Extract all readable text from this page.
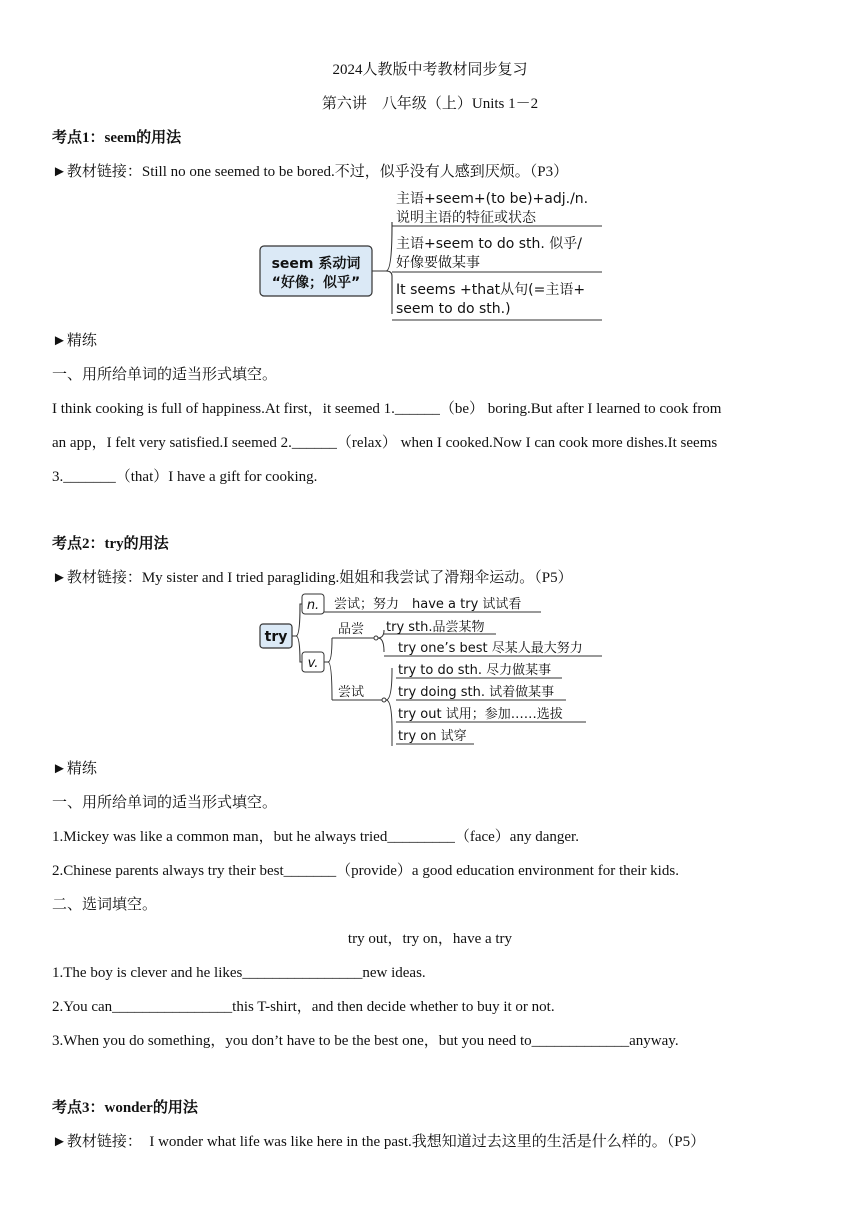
2024人教版中考教材同步复习
第六讲　八年级（上）Units 1－2
考点1：seem的用法
►教材链接：Still no one seemed to be bored.不过，似乎没有人感到厌烦。（P3）
seem 系动词
“好像；似乎”
主语+seem+(to be)+adj./n.
说明主语的特征或状态
主语+seem to do sth. 似乎/
好像要做某事
It seems +that从句(=主语+
seem to do sth.)
►精练
一、用所给单词的适当形式填空。
I think cooking is full of happiness.At first，it seemed 1.______（be） boring.But after I learned to cook from
an app，I felt very satisfied.I seemed 2.______（relax） when I cooked.Now I can cook more dishes.It seems
3._______（that）I have a gift for cooking.
考点2：try的用法
►教材链接：My sister and I tried paragliding.姐姐和我尝试了滑翔伞运动。（P5）
try
n.
v.
尝试；努力　have a try 试试看
品尝 try sth.品尝某物
try one’s best 尽某人最大努力
尝试
try to do sth. 尽力做某事
try doing sth. 试着做某事
try out 试用；参加……选拔
try on 试穿
►精练
一、用所给单词的适当形式填空。
1.Mickey was like a common man，but he always tried_________（face）any danger.
2.Chinese parents always try their best_______（provide）a good education environment for their kids.
二、选词填空。
try out，try on，have a try
1.The boy is clever and he likes________________new ideas.
2.You can________________this T-shirt，and then decide whether to buy it or not.
3.When you do something，you don’t have to be the best one，but you need to_____________anyway.
考点3：wonder的用法
►教材链接：　I wonder what life was like here in the past.我想知道过去这里的生活是什么样的。（P5）
